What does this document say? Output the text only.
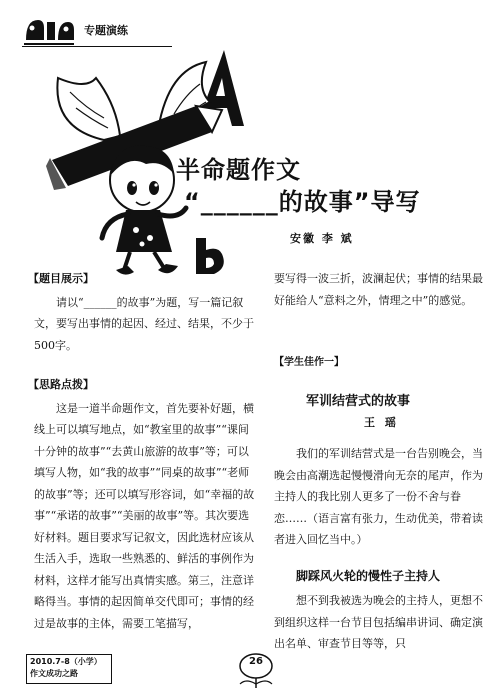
专题演练
半命题作文
“______的故事”导写
安徽 李 斌
【题目展示】

请以“______的故事”为题，写一篇记叙文，要写出事情的起因、经过、结果，不少于500字。

【思路点拨】

这是一道半命题作文，首先要补好题，横线上可以填写地点，如“教室里的故事”“课间十分钟的故事”“去黄山旅游的故事”等；可以填写人物，如“我的故事”“同桌的故事”“老师的故事”等；还可以填写形容词，如“幸福的故事”“承诺的故事”“美丽的故事”等。其次要选好材料。题目要求写记叙文，因此选材应该从生活入手，选取一些熟悉的、鲜活的事例作为材料，这样才能写出真情实感。第三，注意详略得当。事情的起因简单交代即可；事情的经过是故事的主体，需要工笔描写，

要写得一波三折，波澜起伏；事情的结果最好能给人“意料之外，情理之中”的感觉。

【学生佳作一】
军训结营式的故事
王 瑶

我们的军训结营式是一台告别晚会，当晚会由高潮选起慢慢滑向无奈的尾声，作为主持人的我比别人更多了一份不舍与眷恋……（语言富有张力，生动优美，带着读者进入回忆当中。）

脚踩风火轮的慢性子主持人

想不到我被选为晚会的主持人，更想不到组织这样一台节目包括编串讲词、确定演出名单、审查节目等等，只

2010.7-8（小学）
作文成功之路
26
